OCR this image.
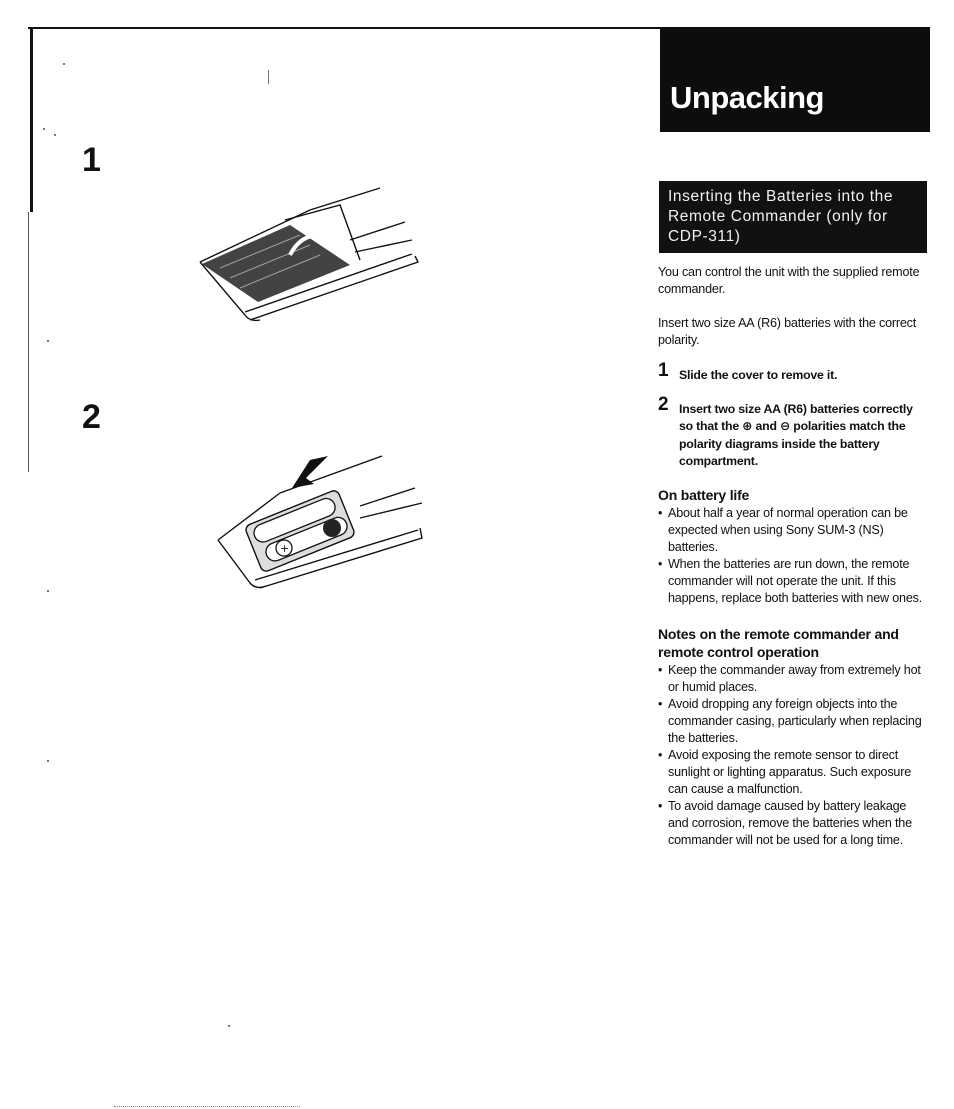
Unpacking
Inserting the Batteries into the Remote Commander (only for CDP-311)
1
2
+

You can control the unit with the supplied remote commander.

Insert two size AA (R6) batteries with the correct polarity.

1 Slide the cover to remove it.
2 Insert two size AA (R6) batteries correctly so that the ⊕ and ⊖ polarities match the polarity diagrams inside the battery compartment.
On battery life
• About half a year of normal operation can be expected when using Sony SUM-3 (NS) batteries.
• When the batteries are run down, the remote commander will not operate the unit. If this happens, replace both batteries with new ones.
Notes on the remote commander and remote control operation
• Keep the commander away from extremely hot or humid places.
• Avoid dropping any foreign objects into the commander casing, particularly when replacing the batteries.
• Avoid exposing the remote sensor to direct sunlight or lighting apparatus. Such exposure can cause a malfunction.
• To avoid damage caused by battery leakage and corrosion, remove the batteries when the commander will not be used for a long time.
